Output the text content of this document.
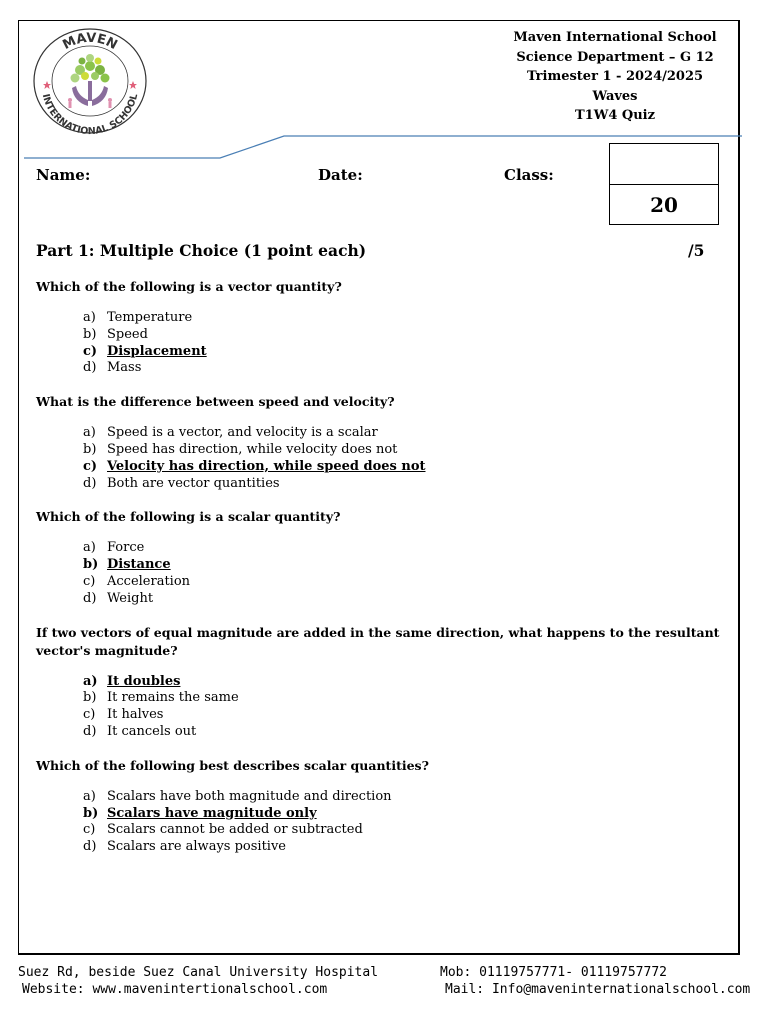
MAVEN
INTERNATIONAL SCHOOL
Maven International School
Science Department – G 12
Trimester 1 - 2024/2025
Waves
T1W4 Quiz
Name:	Date:	Class:
20
Part 1: Multiple Choice (1 point each)	/5

Which of the following is a vector quantity?

a) Temperature
b) Speed
c) Displacement
d) Mass

What is the difference between speed and velocity?

a) Speed is a vector, and velocity is a scalar
b) Speed has direction, while velocity does not
c) Velocity has direction, while speed does not
d) Both are vector quantities

Which of the following is a scalar quantity?

a) Force
b) Distance
c) Acceleration
d) Weight

If two vectors of equal magnitude are added in the same direction, what happens to the resultant vector's magnitude?

a) It doubles
b) It remains the same
c) It halves
d) It cancels out

Which of the following best describes scalar quantities?

a) Scalars have both magnitude and direction
b) Scalars have magnitude only
c) Scalars cannot be added or subtracted
d) Scalars are always positive
Suez Rd, beside Suez Canal University Hospital
Website: www.mavenintertionalschool.com
Mob: 01119757771- 01119757772
Mail: Info@maveninternationalschool.com
